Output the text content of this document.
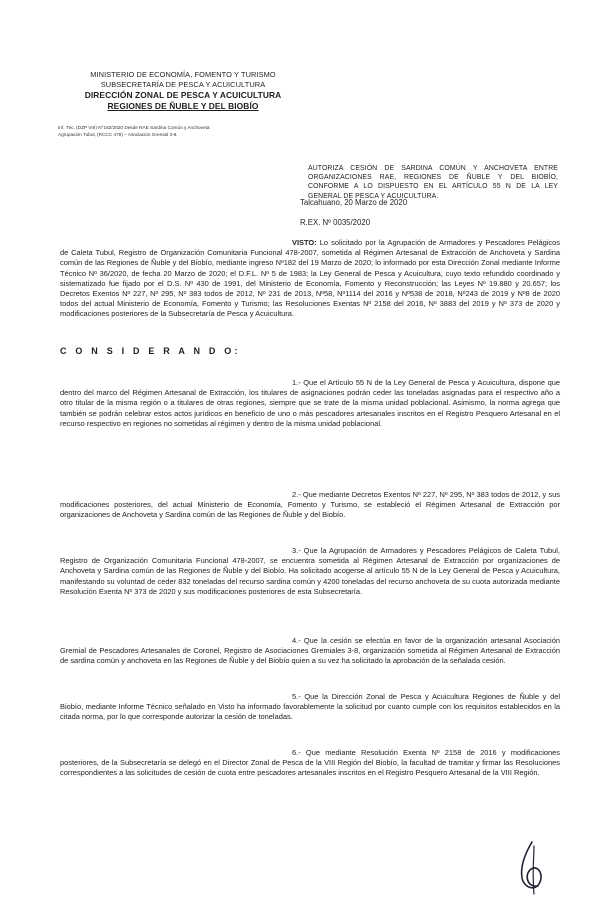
MINISTERIO DE ECONOMÍA, FOMENTO Y TURISMO
SUBSECRETARÍA DE PESCA Y ACUICULTURA
DIRECCIÓN ZONAL DE PESCA Y ACUICULTURA
REGIONES DE ÑUBLE Y DEL BIOBÍO
Inf. Téc. (DZP VIII) N°182/2020 Desde RAE Sardina Común y Anchoveta
Agrupación Tubul, (RCCC 478) – Asociación Gremial 3-8.
AUTORIZA CESIÓN DE SARDINA COMÚN Y ANCHOVETA ENTRE ORGANIZACIONES RAE, REGIONES DE ÑUBLE Y DEL BIOBÍO, CONFORME A LO DISPUESTO EN EL ARTÍCULO 55 N DE LA LEY GENERAL DE PESCA Y ACUICULTURA.
Talcahuano, 20 Marzo de 2020
R.EX. Nº 0035/2020

VISTO: Lo solicitado por la Agrupación de Armadores y Pescadores Pelágicos de Caleta Tubul, Registro de Organización Comunitaria Funcional 478-2007, sometida al Régimen Artesanal de Extracción de Anchoveta y Sardina común de las Regiones de Ñuble y del Biobío, mediante ingreso Nº182 del 19 Marzo de 2020; lo informado por esta Dirección Zonal mediante Informe Técnico Nº 36/2020, de fecha 20 Marzo de 2020; el D.F.L. Nº 5 de 1983; la Ley General de Pesca y Acuicultura, cuyo texto refundido coordinado y sistematizado fue fijado por el D.S. Nº 430 de 1991, del Ministerio de Economía, Fomento y Reconstrucción; las Leyes Nº 19.880 y 20.657; los Decretos Exentos Nº 227, Nº 295, Nº 383 todos de 2012, Nº 231 de 2013, Nº58, Nº1114 del 2016 y Nº538 de 2018, Nº243 de 2019 y Nº8 de 2020 todos del actual Ministerio de Economía, Fomento y Turismo; las Resoluciones Exentas Nº 2158 del 2016, Nº 3883 del 2019 y Nº 373 de 2020 y modificaciones posteriores de la Subsecretaría de Pesca y Acuicultura.

C O N S I D E R A N D O:

1.- Que el Artículo 55 N de la Ley General de Pesca y Acuicultura, dispone que dentro del marco del Régimen Artesanal de Extracción, los titulares de asignaciones podrán ceder las toneladas asignadas para el respectivo año a otro titular de la misma región o a titulares de otras regiones, siempre que se trate de la misma unidad poblacional. Asimismo, la norma agrega que también se podrán celebrar estos actos jurídicos en beneficio de uno o más pescadores artesanales inscritos en el Registro Pesquero Artesanal en el recurso respectivo en regiones no sometidas al régimen y dentro de la misma unidad poblacional.

2.- Que mediante Decretos Exentos Nº 227, Nº 295, Nº 383 todos de 2012, y sus modificaciones posteriores, del actual Ministerio de Economía, Fomento y Turismo, se estableció el Régimen Artesanal de Extracción por organizaciones de Anchoveta y Sardina común de las Regiones de Ñuble y del Biobío.

3.- Que la Agrupación de Armadores y Pescadores Pelágicos de Caleta Tubul, Registro de Organización Comunitaria Funcional 478-2007, se encuentra sometida al Régimen Artesanal de Extracción por organizaciones de Anchoveta y Sardina común de las Regiones de Ñuble y del Biobío. Ha solicitado acogerse al artículo 55 N de la Ley General de Pesca y Acuicultura, manifestando su voluntad de ceder 832 toneladas del recurso sardina común y 4200 toneladas del recurso anchoveta de su cuota autorizada mediante Resolución Exenta Nº 373 de 2020 y sus modificaciones posteriores de esta Subsecretaría.

4.- Que la cesión se efectúa en favor de la organización artesanal Asociación Gremial de Pescadores Artesanales de Coronel, Registro de Asociaciones Gremiales 3-8, organización sometida al Régimen Artesanal de Extracción de sardina común y anchoveta en las Regiones de Ñuble y del Biobío quien a su vez ha solicitado la aprobación de la señalada cesión.

5.- Que la Dirección Zonal de Pesca y Acuicultura Regiones de Ñuble y del Biobío, mediante Informe Técnico señalado en Visto ha informado favorablemente la solicitud por cuanto cumple con los requisitos establecidos en la citada norma, por lo que corresponde autorizar la cesión de toneladas.

6.- Que mediante Resolución Exenta Nº 2158 de 2016 y modificaciones posteriores, de la Subsecretaría se delegó en el Director Zonal de Pesca de la VIII Región del Biobío, la facultad de tramitar y firmar las Resoluciones correspondientes a las solicitudes de cesión de cuota entre pescadores artesanales inscritos en el Registro Pesquero Artesanal de la VIII Región.
